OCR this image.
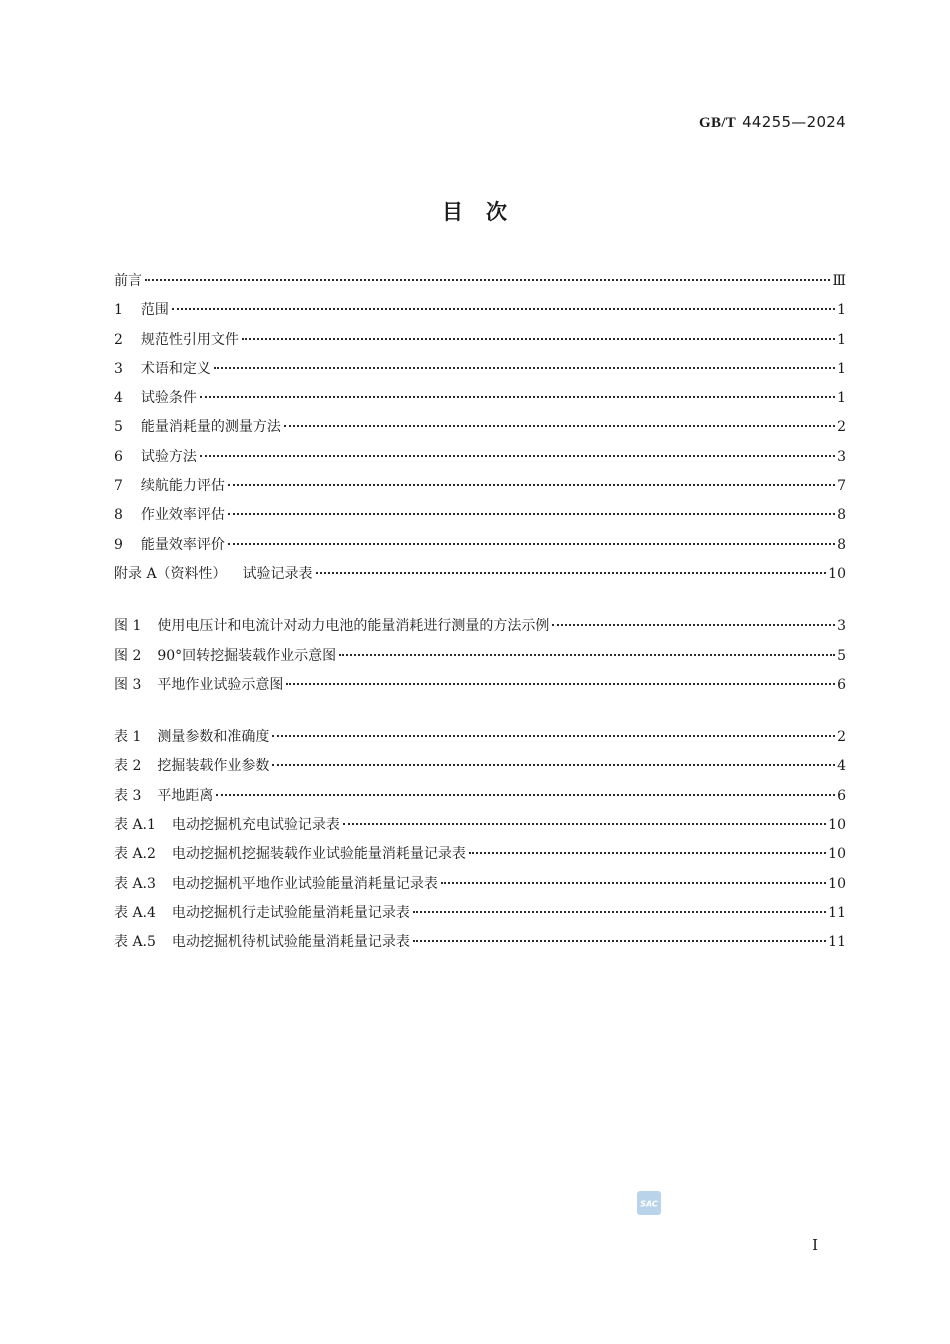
GB/T 44255—2024
目　次
前言	Ⅲ
1 范围	1
2 规范性引用文件	1
3 术语和定义	1
4 试验条件	1
5 能量消耗量的测量方法	2
6 试验方法	3
7 续航能力评估	7
8 作业效率评估	8
9 能量效率评价	8
附录 A（资料性） 试验记录表	10
图 1 使用电压计和电流计对动力电池的能量消耗进行测量的方法示例	3
图 2 90°回转挖掘装载作业示意图	5
图 3 平地作业试验示意图	6
表 1 测量参数和准确度	2
表 2 挖掘装载作业参数	4
表 3 平地距离	6
表 A.1 电动挖掘机充电试验记录表	10
表 A.2 电动挖掘机挖掘装载作业试验能量消耗量记录表	10
表 A.3 电动挖掘机平地作业试验能量消耗量记录表	10
表 A.4 电动挖掘机行走试验能量消耗量记录表	11
表 A.5 电动挖掘机待机试验能量消耗量记录表	11
SAC
Ⅰ
